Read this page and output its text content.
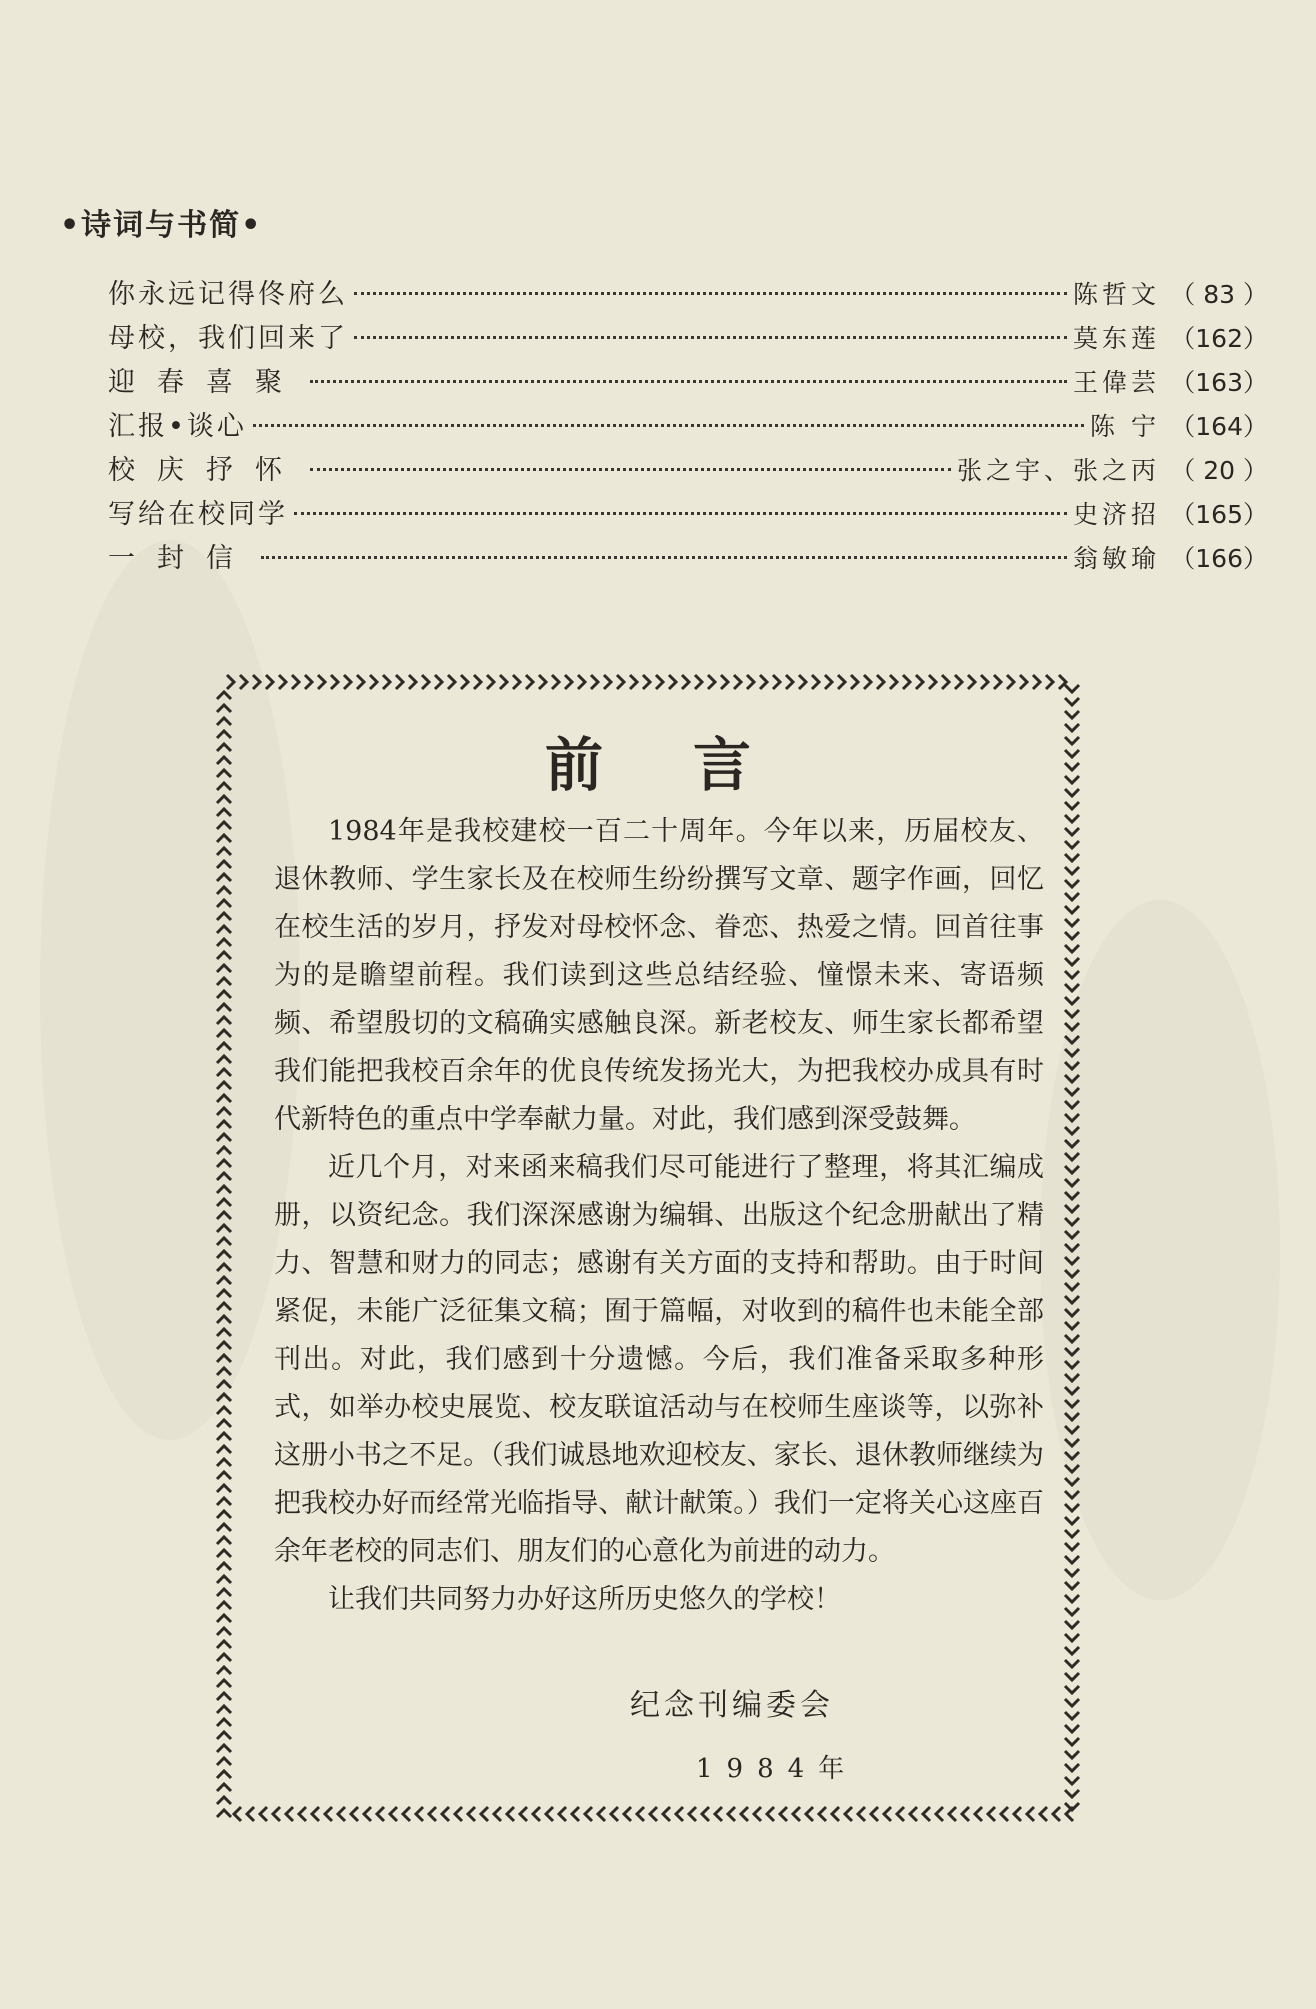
•诗词与书简•
你永远记得佟府么	陈哲文 （ 83 ）
母校，我们回来了	莫东莲 （162）
迎春喜聚	王偉芸 （163）
汇报•谈心	陈 宁 （164）
校庆抒怀	张之宇、张之丙 （ 20 ）
写给在校同学	史济招 （165）
一封信	翁敏瑜 （166）
前言

1984年是我校建校一百二十周年。今年以来，历届校友、退休教师、学生家长及在校师生纷纷撰写文章、题字作画，回忆在校生活的岁月，抒发对母校怀念、眷恋、热爱之情。回首往事为的是瞻望前程。我们读到这些总结经验、憧憬未来、寄语频频、希望殷切的文稿确实感触良深。新老校友、师生家长都希望我们能把我校百余年的优良传统发扬光大，为把我校办成具有时代新特色的重点中学奉献力量。对此，我们感到深受鼓舞。

近几个月，对来函来稿我们尽可能进行了整理，将其汇编成册，以资纪念。我们深深感谢为编辑、出版这个纪念册献出了精力、智慧和财力的同志；感谢有关方面的支持和帮助。由于时间紧促，未能广泛征集文稿；囿于篇幅，对收到的稿件也未能全部刊出。对此，我们感到十分遗憾。今后，我们准备采取多种形式，如举办校史展览、校友联谊活动与在校师生座谈等，以弥补这册小书之不足。（我们诚恳地欢迎校友、家长、退休教师继续为把我校办好而经常光临指导、献计献策。）我们一定将关心这座百余年老校的同志们、朋友们的心意化为前进的动力。

让我们共同努力办好这所历史悠久的学校！

纪念刊编委会
1984年
